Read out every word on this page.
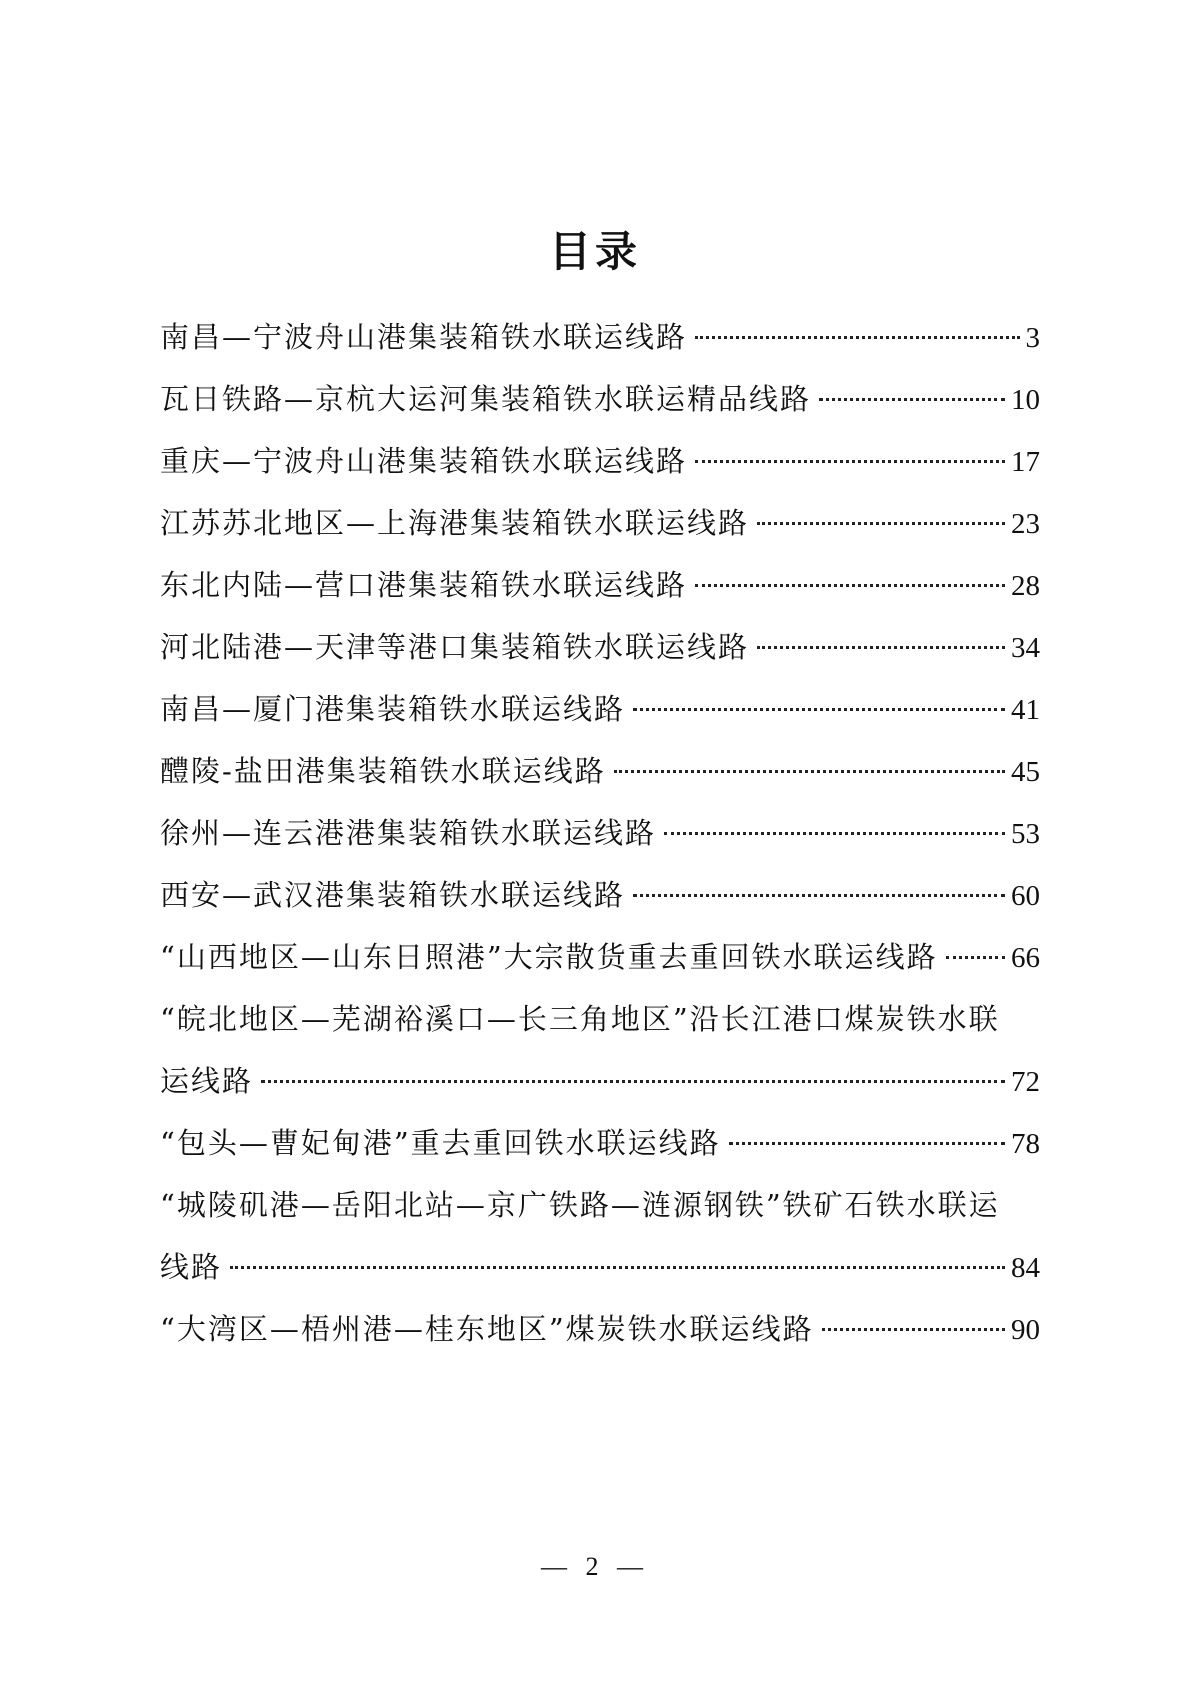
目录
南昌—宁波舟山港集装箱铁水联运线路	3
瓦日铁路—京杭大运河集装箱铁水联运精品线路	10
重庆—宁波舟山港集装箱铁水联运线路	17
江苏苏北地区—上海港集装箱铁水联运线路	23
东北内陆—营口港集装箱铁水联运线路	28
河北陆港—天津等港口集装箱铁水联运线路	34
南昌—厦门港集装箱铁水联运线路	41
醴陵-盐田港集装箱铁水联运线路	45
徐州—连云港港集装箱铁水联运线路	53
西安—武汉港集装箱铁水联运线路	60
“山西地区—山东日照港”大宗散货重去重回铁水联运线路	66
“皖北地区—芜湖裕溪口—长三角地区”沿长江港口煤炭铁水联
运线路	72
“包头—曹妃甸港”重去重回铁水联运线路	78
“城陵矶港—岳阳北站—京广铁路—涟源钢铁”铁矿石铁水联运
线路	84
“大湾区—梧州港—桂东地区”煤炭铁水联运线路	90
— 2 —
